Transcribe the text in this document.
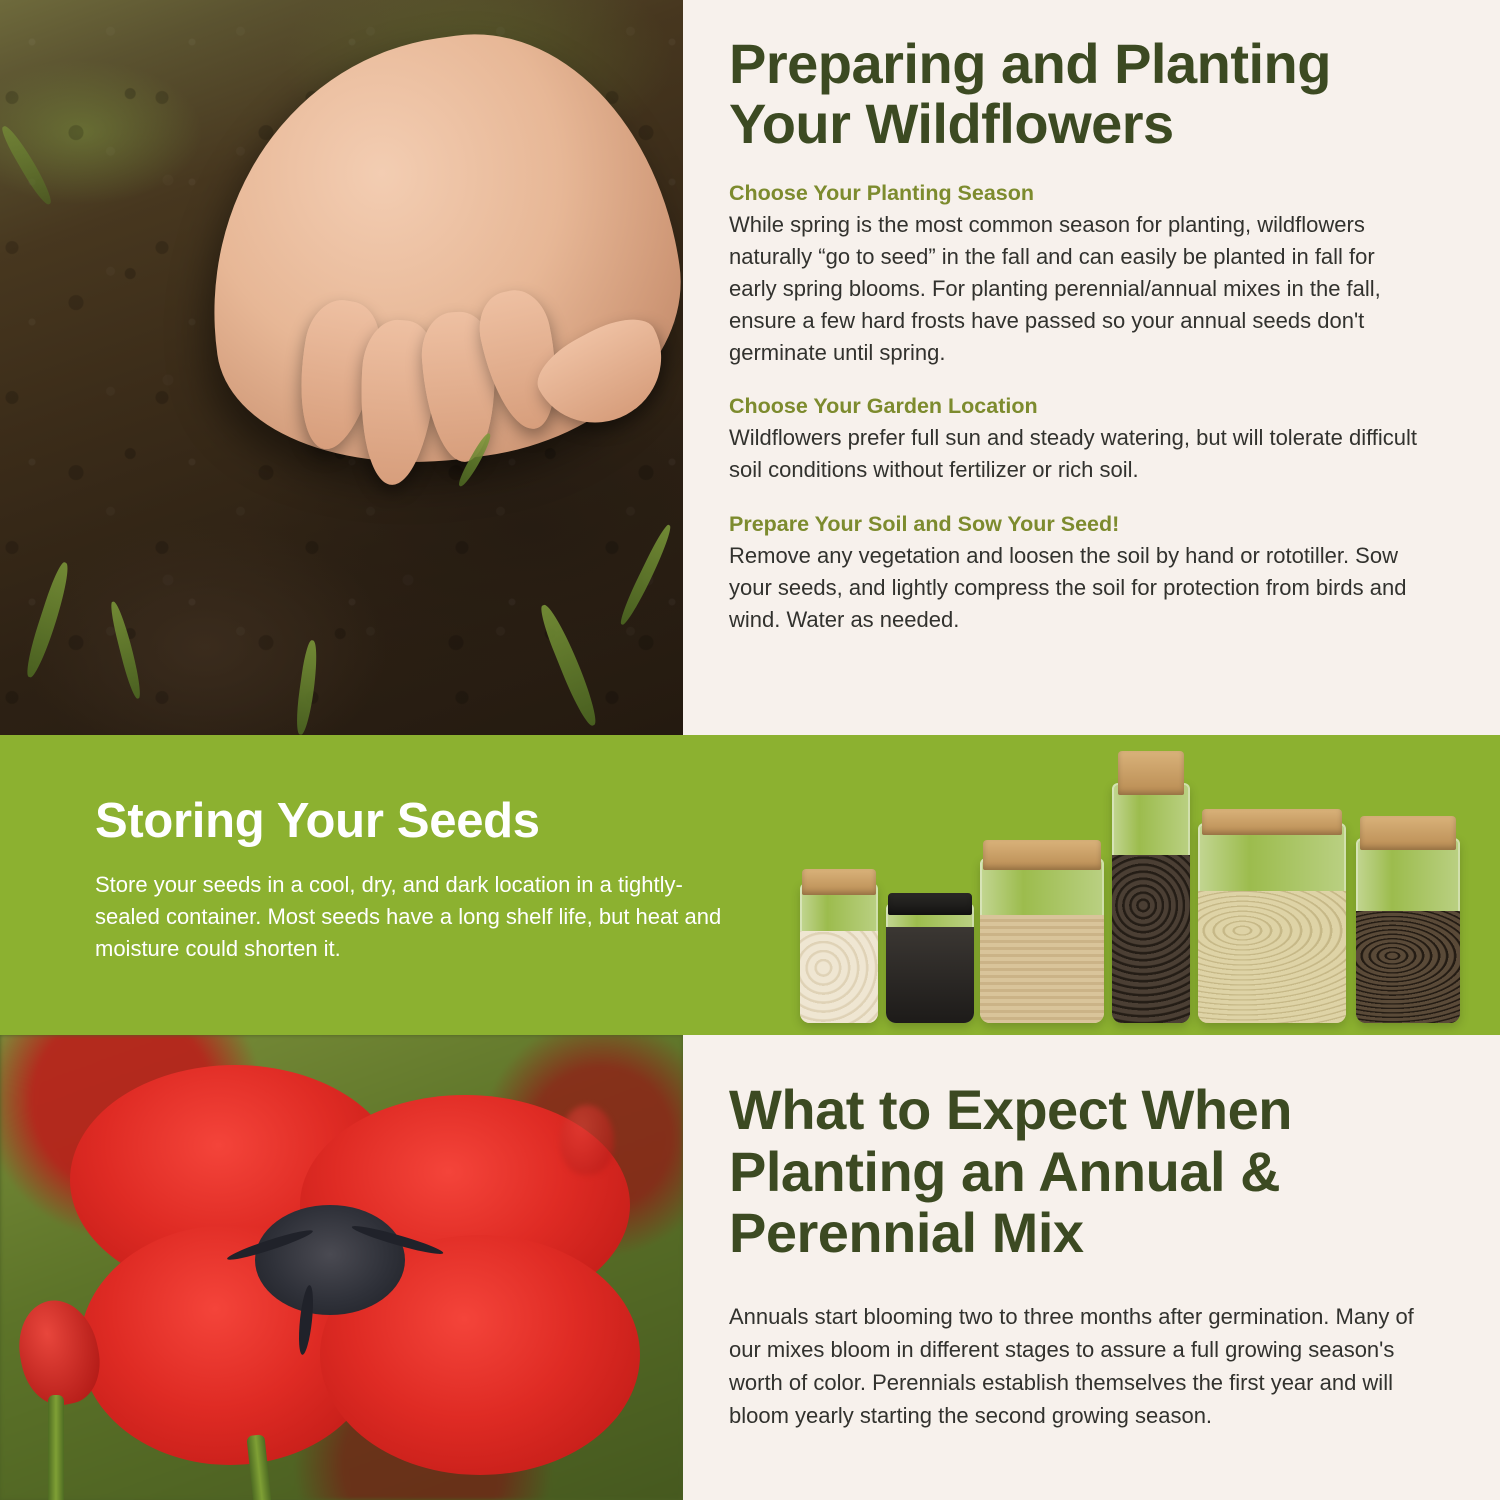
Preparing and Planting Your Wildflowers
Choose Your Planting Season

While spring is the most common season for planting, wildflowers naturally “go to seed” in the fall and can easily be planted in fall for early spring blooms. For planting perennial/annual mixes in the fall, ensure a few hard frosts have passed so your annual seeds don't germinate until spring.

Choose Your Garden Location

Wildflowers prefer full sun and steady watering, but will tolerate difficult soil conditions without fertilizer or rich soil.

Prepare Your Soil and Sow Your Seed!

Remove any vegetation and loosen the soil by hand or rototiller. Sow your seeds, and lightly compress the soil for protection from birds and wind. Water as needed.

Storing Your Seeds

Store your seeds in a cool, dry, and dark location in a tightly-sealed container. Most seeds have a long shelf life, but heat and moisture could shorten it.

What to Expect When Planting an Annual & Perennial Mix

Annuals start blooming two to three months after germination. Many of our mixes bloom in different stages to assure a full growing season's worth of color. Perennials establish themselves the first year and will bloom yearly starting the second growing season.
